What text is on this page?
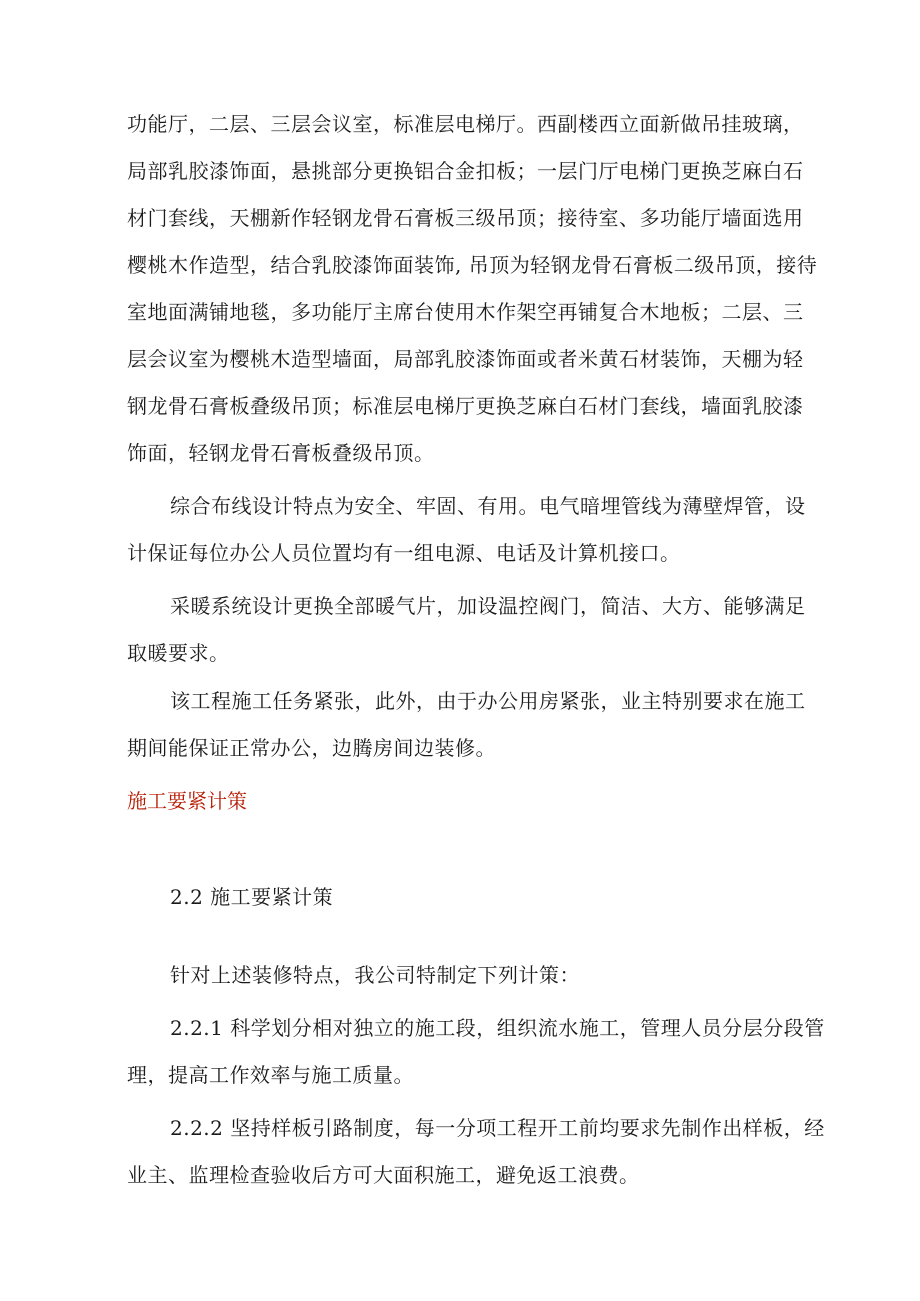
功能厅，二层、三层会议室，标准层电梯厅。西副楼西立面新做吊挂玻璃，
局部乳胶漆饰面，悬挑部分更换铝合金扣板；一层门厅电梯门更换芝麻白石
材门套线，天棚新作轻钢龙骨石膏板三级吊顶；接待室、多功能厅墙面选用
樱桃木作造型，结合乳胶漆饰面装饰, 吊顶为轻钢龙骨石膏板二级吊顶，接待
室地面满铺地毯，多功能厅主席台使用木作架空再铺复合木地板；二层、三
层会议室为樱桃木造型墙面，局部乳胶漆饰面或者米黄石材装饰，天棚为轻
钢龙骨石膏板叠级吊顶；标准层电梯厅更换芝麻白石材门套线，墙面乳胶漆
饰面，轻钢龙骨石膏板叠级吊顶。
综合布线设计特点为安全、牢固、有用。电气暗埋管线为薄壁焊管，设
计保证每位办公人员位置均有一组电源、电话及计算机接口。
采暖系统设计更换全部暖气片，加设温控阀门，简洁、大方、能够满足
取暖要求。
该工程施工任务紧张，此外，由于办公用房紧张，业主特别要求在施工
期间能保证正常办公，边腾房间边装修。
施工要紧计策
2.2 施工要紧计策
针对上述装修特点，我公司特制定下列计策：
2.2.1 科学划分相对独立的施工段，组织流水施工，管理人员分层分段管
理，提高工作效率与施工质量。
2.2.2 坚持样板引路制度，每一分项工程开工前均要求先制作出样板，经
业主、监理检查验收后方可大面积施工，避免返工浪费。
